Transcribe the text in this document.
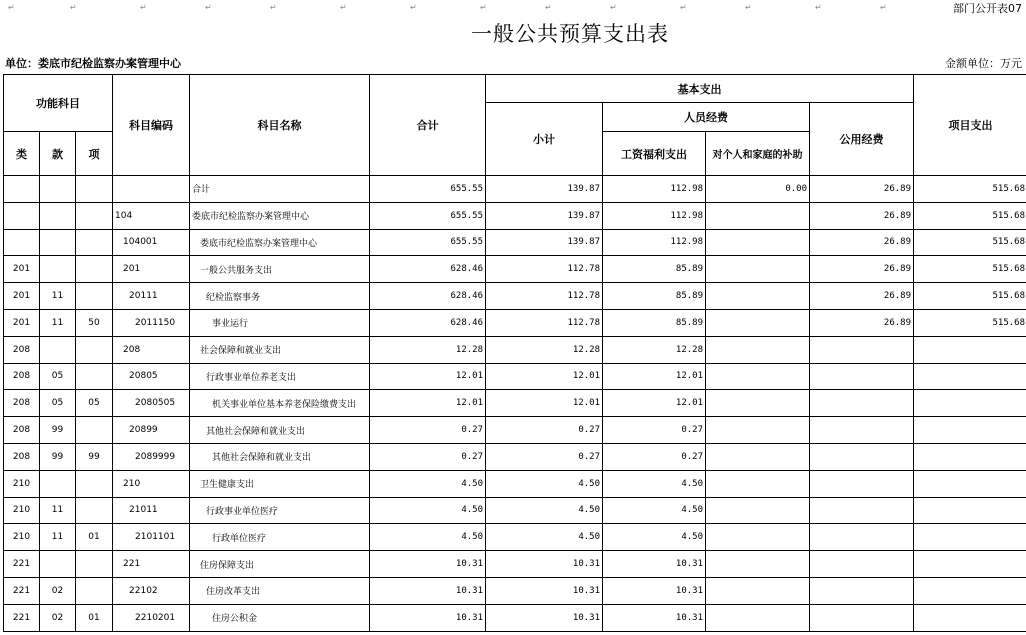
↵	↵	↵	↵	↵	↵	↵	↵	↵	↵	↵	↵	↵	↵	部门公开表07
一般公共预算支出表
单位：娄底市纪检监察办案管理中心	金额单位：万元
功能科目			科目编码	科目名称	合计	基本支出				项目支出
						小计	人员经费		公用经费	
类	款	项					工资福利支出	对个人和家庭的补助		
				合计	655.55	139.87	112.98	0.00	26.89	515.68
			104	娄底市纪检监察办案管理中心	655.55	139.87	112.98		26.89	515.68
			104001	娄底市纪检监察办案管理中心	655.55	139.87	112.98		26.89	515.68
201			201	一般公共服务支出	628.46	112.78	85.89		26.89	515.68
201	11		20111	纪检监察事务	628.46	112.78	85.89		26.89	515.68
201	11	50	2011150	事业运行	628.46	112.78	85.89		26.89	515.68
208			208	社会保障和就业支出	12.28	12.28	12.28			
208	05		20805	行政事业单位养老支出	12.01	12.01	12.01			
208	05	05	2080505	机关事业单位基本养老保险缴费支出	12.01	12.01	12.01			
208	99		20899	其他社会保障和就业支出	0.27	0.27	0.27			
208	99	99	2089999	其他社会保障和就业支出	0.27	0.27	0.27			
210			210	卫生健康支出	4.50	4.50	4.50			
210	11		21011	行政事业单位医疗	4.50	4.50	4.50			
210	11	01	2101101	行政单位医疗	4.50	4.50	4.50			
221			221	住房保障支出	10.31	10.31	10.31			
221	02		22102	住房改革支出	10.31	10.31	10.31			
221	02	01	2210201	住房公积金	10.31	10.31	10.31			
